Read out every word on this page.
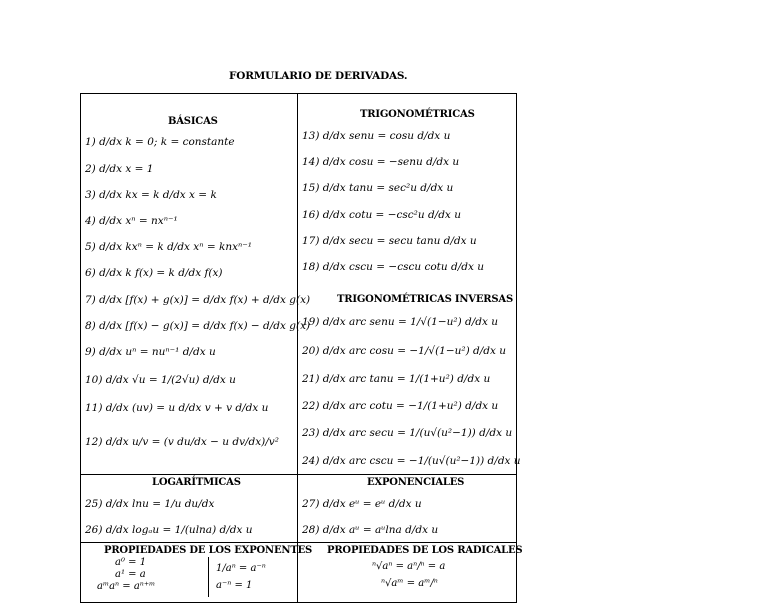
FORMULARIO DE DERIVADAS.
BÁSICAS
TRIGONOMÉTRICAS
TRIGONOMÉTRICAS INVERSAS
LOGARÍTMICAS	EXPONENCIALES
PROPIEDADES DE LOS EXPONENTES PROPIEDADES DE LOS RADICALES
1) d/dx k = 0; k = constante
2) d/dx x = 1
3) d/dx kx = k d/dx x = k
4) d/dx xⁿ = nxⁿ⁻¹
5) d/dx kxⁿ = k d/dx xⁿ = knxⁿ⁻¹
6) d/dx k f(x) = k d/dx f(x)
7) d/dx [f(x) + g(x)] = d/dx f(x) + d/dx g(x)
8) d/dx [f(x) − g(x)] = d/dx f(x) − d/dx g(x)
9) d/dx uⁿ = nuⁿ⁻¹ d/dx u
10) d/dx √u = 1/(2√u) d/dx u
11) d/dx (uv) = u d/dx v + v d/dx u
12) d/dx u/v = (v du/dx − u dv/dx)/v²
13) d/dx senu = cosu d/dx u
14) d/dx cosu = −senu d/dx u
15) d/dx tanu = sec²u d/dx u
16) d/dx cotu = −csc²u d/dx u
17) d/dx secu = secu tanu d/dx u
18) d/dx cscu = −cscu cotu d/dx u
19) d/dx arc senu = 1/√(1−u²) d/dx u
20) d/dx arc cosu = −1/√(1−u²) d/dx u
21) d/dx arc tanu = 1/(1+u²) d/dx u
22) d/dx arc cotu = −1/(1+u²) d/dx u
23) d/dx arc secu = 1/(u√(u²−1)) d/dx u
24) d/dx arc cscu = −1/(u√(u²−1)) d/dx u
25) d/dx lnu = 1/u du/dx
26) d/dx logₐu = 1/(ulna) d/dx u
27) d/dx eᵘ = eᵘ d/dx u
28) d/dx aᵘ = aᵘlna d/dx u
a⁰ = 1
a¹ = a
aᵐaⁿ = aⁿ⁺ᵐ
1/aⁿ = a⁻ⁿ
a⁻ⁿ = 1
ⁿ√aⁿ = aⁿ/ⁿ = a
ⁿ√aᵐ = aᵐ/ⁿ
